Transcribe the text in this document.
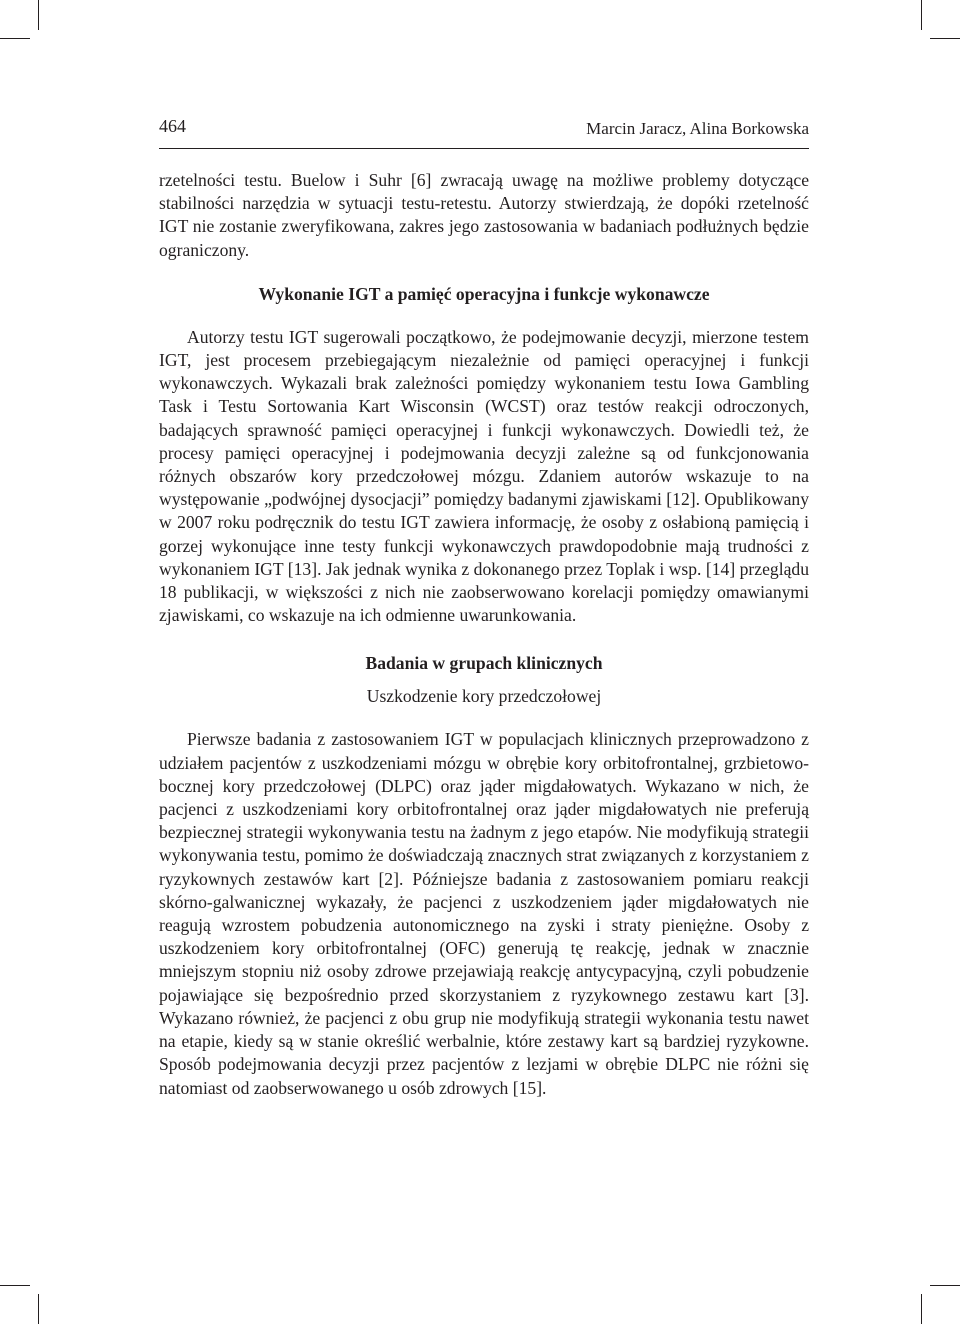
464	Marcin Jaracz, Alina Borkowska

rzetelności testu. Buelow i Suhr [6] zwracają uwagę na możliwe problemy dotyczące stabilności narzędzia w sytuacji testu-retestu. Autorzy stwierdzają, że dopóki rzetelność IGT nie zostanie zweryfikowana, zakres jego zastosowania w badaniach podłużnych będzie ograniczony.

Wykonanie IGT a pamięć operacyjna i funkcje wykonawcze

Autorzy testu IGT sugerowali początkowo, że podejmowanie decyzji, mierzone testem IGT, jest procesem przebiegającym niezależnie od pamięci operacyjnej i funkcji wykonawczych. Wykazali brak zależności pomiędzy wykonaniem testu Iowa Gambling Task i Testu Sortowania Kart Wisconsin (WCST) oraz testów reakcji odroczonych, badających sprawność pamięci operacyjnej i funkcji wykonawczych. Dowiedli też, że procesy pamięci operacyjnej i podejmowania decyzji zależne są od funkcjonowania różnych obszarów kory przedczołowej mózgu. Zdaniem autorów wskazuje to na występowanie „podwójnej dysocjacji” pomiędzy badanymi zjawiskami [12]. Opublikowany w 2007 roku podręcznik do testu IGT zawiera informację, że osoby z osłabioną pamięcią i gorzej wykonujące inne testy funkcji wykonawczych prawdopodobnie mają trudności z wykonaniem IGT [13]. Jak jednak wynika z dokonanego przez Toplak i wsp. [14] przeglądu 18 publikacji, w większości z nich nie zaobserwowano korelacji pomiędzy omawianymi zjawiskami, co wskazuje na ich odmienne uwarunkowania.

Badania w grupach klinicznych
Uszkodzenie kory przedczołowej

Pierwsze badania z zastosowaniem IGT w populacjach klinicznych przeprowadzono z udziałem pacjentów z uszkodzeniami mózgu w obrębie kory orbitofrontalnej, grzbietowo-bocznej kory przedczołowej (DLPC) oraz jąder migdałowatych. Wykazano w nich, że pacjenci z uszkodzeniami kory orbitofrontalnej oraz jąder migdałowatych nie preferują bezpiecznej strategii wykonywania testu na żadnym z jego etapów. Nie modyfikują strategii wykonywania testu, pomimo że doświadczają znacznych strat związanych z korzystaniem z ryzykownych zestawów kart [2]. Późniejsze badania z zastosowaniem pomiaru reakcji skórno-galwanicznej wykazały, że pacjenci z uszkodzeniem jąder migdałowatych nie reagują wzrostem pobudzenia autonomicznego na zyski i straty pieniężne. Osoby z uszkodzeniem kory orbitofrontalnej (OFC) generują tę reakcję, jednak w znacznie mniejszym stopniu niż osoby zdrowe przejawiają reakcję antycypacyjną, czyli pobudzenie pojawiające się bezpośrednio przed skorzystaniem z ryzykownego zestawu kart [3]. Wykazano również, że pacjenci z obu grup nie modyfikują strategii wykonania testu nawet na etapie, kiedy są w stanie określić werbalnie, które zestawy kart są bardziej ryzykowne. Sposób podejmowania decyzji przez pacjentów z lezjami w obrębie DLPC nie różni się natomiast od zaobserwowanego u osób zdrowych [15].
